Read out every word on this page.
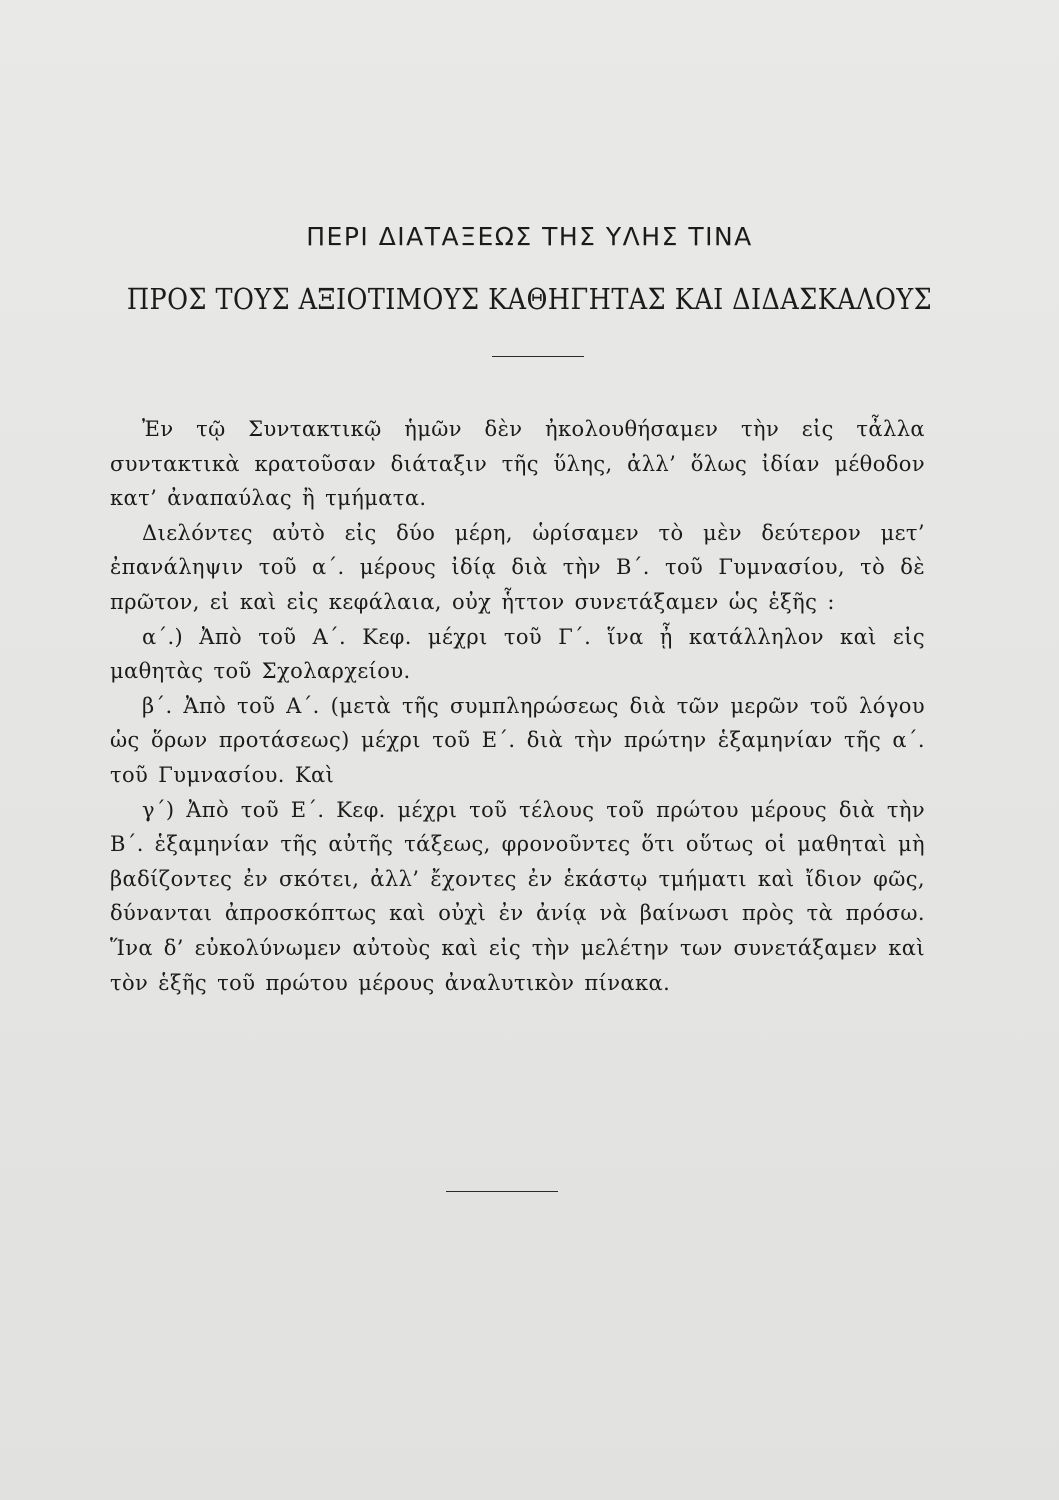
ΠΕΡΙ ΔΙΑΤΑΞΕΩΣ ΤΗΣ ΥΛΗΣ ΤΙΝΑ
ΠΡΟΣ ΤΟΥΣ ΑΞΙΟΤΙΜΟΥΣ ΚΑΘΗΓΗΤΑΣ ΚΑΙ ΔΙΔΑΣΚΑΛΟΥΣ

Ἐν τῷ Συντακτικῷ ἡμῶν δὲν ἠκολουθήσαμεν τὴν εἰς τἆλλα συντακτικὰ κρατοῦσαν διάταξιν τῆς ὕλης, ἀλλ’ ὅλως ἰδίαν μέθοδον κατ’ ἀναπαύλας ἢ τμήματα.

Διελόντες αὐτὸ εἰς δύο μέρη, ὡρίσαμεν τὸ μὲν δεύτερον μετ’ ἐπανάληψιν τοῦ α΄. μέρους ἰδίᾳ διὰ τὴν Β΄. τοῦ Γυμνασίου, τὸ δὲ πρῶτον, εἰ καὶ εἰς κεφάλαια, οὐχ ἧττον συνετάξαμεν ὡς ἑξῆς :

α΄.) Ἀπὸ τοῦ Α΄. Κεφ. μέχρι τοῦ Γ΄. ἵνα ᾖ κατάλληλον καὶ εἰς μαθητὰς τοῦ Σχολαρχείου.

β΄. Ἀπὸ τοῦ Α΄. (μετὰ τῆς συμπληρώσεως διὰ τῶν μερῶν τοῦ λόγου ὡς ὅρων προτάσεως) μέχρι τοῦ Ε΄. διὰ τὴν πρώτην ἑξαμηνίαν τῆς α΄. τοῦ Γυμνασίου. Καὶ

γ΄) Ἀπὸ τοῦ Ε΄. Κεφ. μέχρι τοῦ τέλους τοῦ πρώτου μέρους διὰ τὴν Β΄. ἑξαμηνίαν τῆς αὐτῆς τάξεως, φρονοῦντες ὅτι οὕτως οἱ μαθηταὶ μὴ βαδίζοντες ἐν σκότει, ἀλλ’ ἔχοντες ἐν ἑκάστῳ τμήματι καὶ ἴδιον φῶς, δύνανται ἀπροσκόπτως καὶ οὐχὶ ἐν ἀνίᾳ νὰ βαίνωσι πρὸς τὰ πρόσω. Ἵνα δ’ εὐκολύνωμεν αὐτοὺς καὶ εἰς τὴν μελέτην των συνετάξαμεν καὶ τὸν ἑξῆς τοῦ πρώτου μέρους ἀναλυτικὸν πίνακα.
